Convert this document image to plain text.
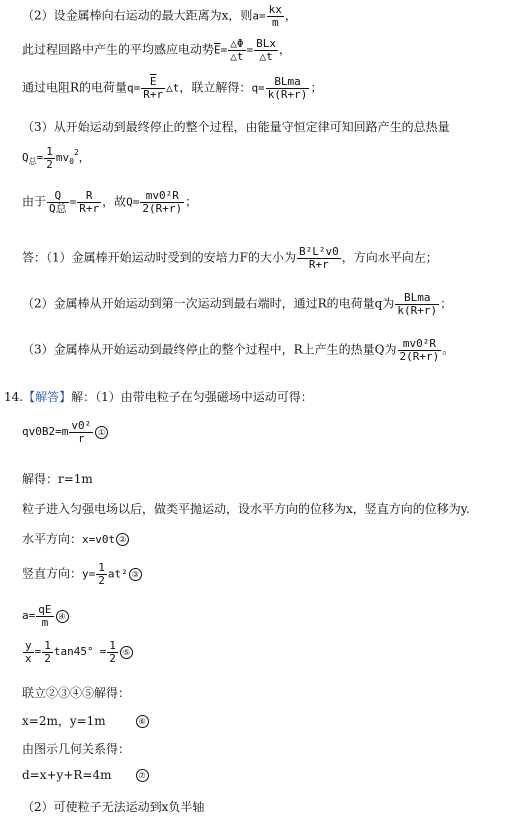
（2）设金属棒向右运动的最大距离为x，则$a= \frac{kx}{m}$ ，
此过程回路中产生的平均感应电动势$\overline{E}= \frac{\triangle\Phi}{\triangle t} = \frac{\text{BLx}}{\triangle t}$ ，
通过电阻R的电荷量$q= \frac{\overline{E}}{R+r}$ △t，联立解得：$q= \frac{\text{BLma}}{k(R+r)}$ ；
（3）从开始运动到最终停止的整个过程，由能量守恒定律可知回路产生的总热量
$Q_总= \frac{1}{2} mv_0^2$，
由于 $\frac{Q}{\text{Q总}} = \frac{R}{R+r}$ ，故$Q= \frac{\text{mv0²R}}{2(R+r)}$ ；
答：（1）金属棒开始运动时受到的安培力F的大小为 $\frac{\text{B²L²v0}}{R+r}$ ，方向水平向左；
（2）金属棒从开始运动到第一次运动到最右端时，通过R的电荷量q为 $\frac{\text{BLma}}{k(R+r)}$ ；
（3）金属棒从开始运动到最终停止的整个过程中，R上产生的热量Q为 $\frac{\text{mv0²R}}{2(R+r)}$ 。
14.【解答】解：（1）由带电粒子在匀强磁场中运动可得：
$qv0B2=m \frac{\text{v0²}}{r}$ ①
解得：r=1m
粒子进入匀强电场以后，做类平抛运动，设水平方向的位移为x，竖直方向的位移为y.
水平方向：x=v0t ②
竖直方向：$y= \frac{1}{2} at^2$ ③
$a= \frac{qE}{m}$ ④
$\frac{y}{x} = \frac{1}{2} \tan 45^\circ = \frac{1}{2}$ ⑤
联立②③④⑤解得：
x=2m，y=1m	⑥
由图示几何关系得：
d=x+y+R=4m	⑦
（2）可使粒子无法运动到x负半轴
